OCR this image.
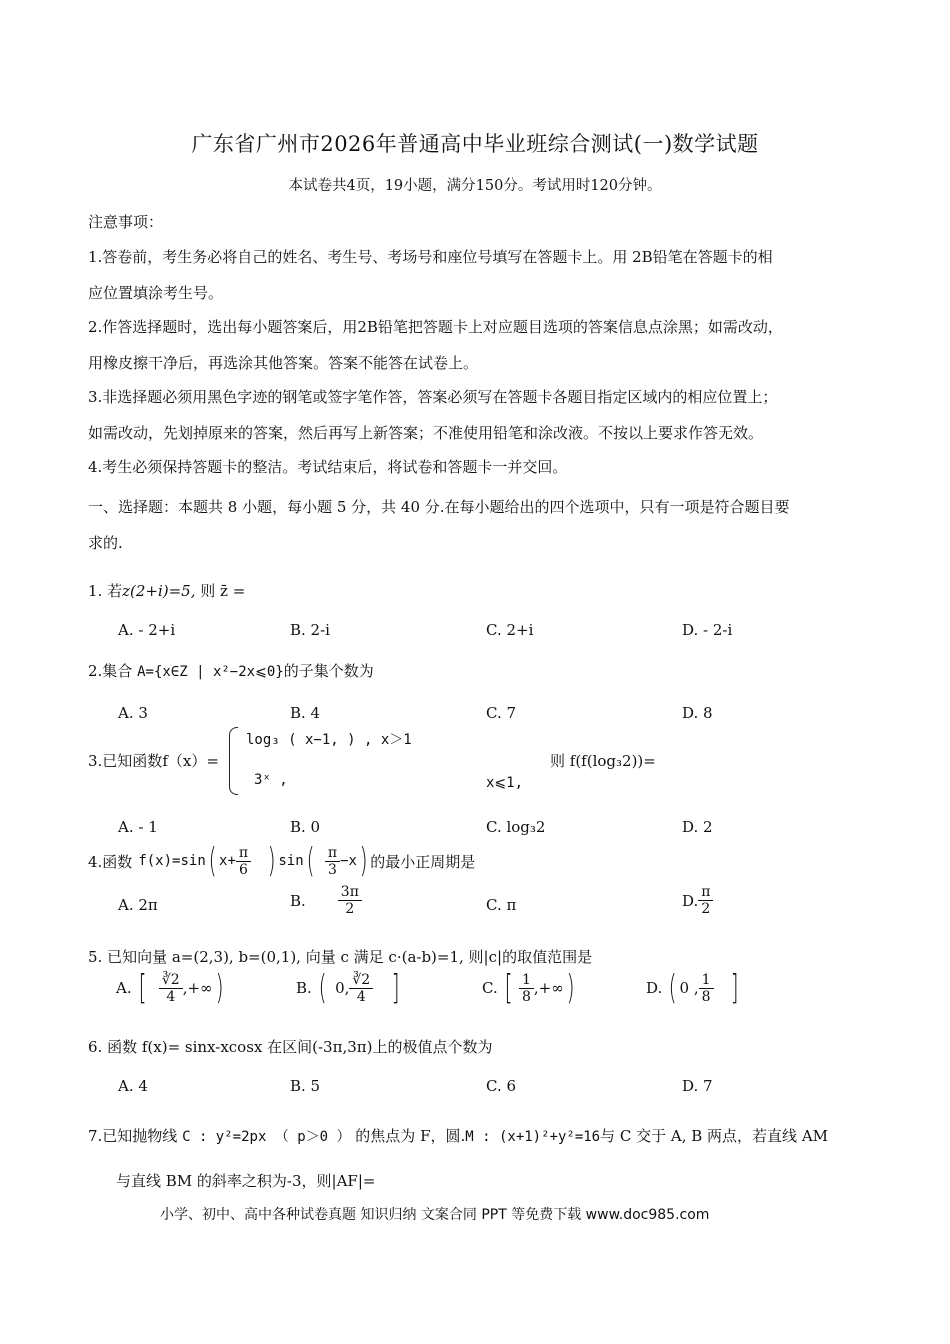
广东省广州市2026年普通高中毕业班综合测试(一)数学试题
本试卷共4页，19小题，满分150分。考试用时120分钟。
注意事项：
1.答卷前，考生务必将自己的姓名、考生号、考场号和座位号填写在答题卡上。用 2B铅笔在答题卡的相
应位置填涂考生号。
2.作答选择题时，选出每小题答案后，用2B铅笔把答题卡上对应题目选项的答案信息点涂黑；如需改动，
用橡皮擦干净后，再选涂其他答案。答案不能答在试卷上。
3.非选择题必须用黑色字迹的钢笔或签字笔作答，答案必须写在答题卡各题目指定区域内的相应位置上；
如需改动，先划掉原来的答案，然后再写上新答案；不准使用铅笔和涂改液。不按以上要求作答无效。
4.考生必须保持答题卡的整洁。考试结束后，将试卷和答题卡一并交回。
一、选择题：本题共 8 小题，每小题 5 分，共 40 分.在每小题给出的四个选项中，只有一项是符合题目要
求的.
1. 若z(2+i)=5, 则 z̄ =
A. - 2+i	B. 2-i	C. 2+i	D. - 2-i
2.集合 A={x∈Z | x²−2x⩽0}的子集个数为
A. 3	B. 4	C. 7	D. 8
3.已知函数f（x）=
log₃ ( x−1, ) , x＞1
3ˣ ,	x⩽1,
则 f(f(log₃2))=
A. - 1	B. 0	C. log₃2	D. 2
4.函数 f(x)=sin ( $x+ \frac{\pi}{6}$ ) sin ( $\frac{\pi}{3} -x$ ) 的最小正周期是
A. 2π	B. $\frac{3\pi}{2}$	C. π	D. $\frac{\pi}{2}$
5. 已知向量 a=(2,3), b=(0,1), 向量 c 满足 c·(a-b)=1, 则|c|的取值范围是
A. [ $\frac{∛2}{4}$ ,+∞ )	B. ( 0, $\frac{∛2}{4}$ ]	C. [ $\frac{1}{8}$ ,+∞ )	D. ( 0 , $\frac{1}{8}$ ]
6. 函数 f(x)= sinx-xcosx 在区间(-3π,3π)上的极值点个数为
A. 4	B. 5	C. 6	D. 7
7.已知抛物线 C : y²=2px （ p＞0 ） 的焦点为 F，圆.M : (x+1)²+y²=16与 C 交于 A, B 两点，若直线 AM
与直线 BM 的斜率之积为-3，则|AF|=
小学、初中、高中各种试卷真题 知识归纳 文案合同 PPT 等免费下载 www.doc985.com
